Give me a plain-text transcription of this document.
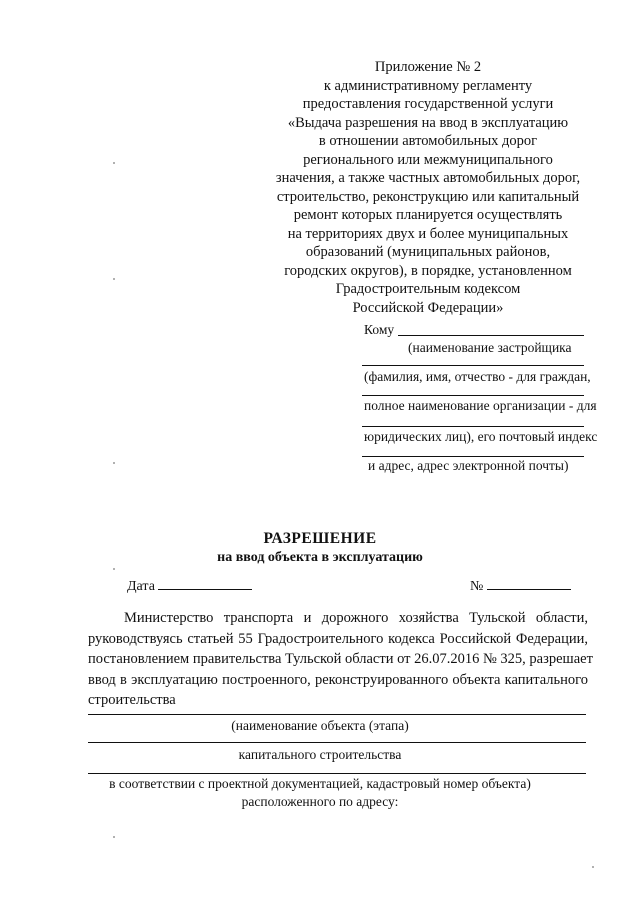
Приложение № 2
к административному регламенту
предоставления государственной услуги
«Выдача разрешения на ввод в эксплуатацию
в отношении автомобильных дорог
регионального или межмуниципального
значения, а также частных автомобильных дорог,
строительство, реконструкцию или капитальный
ремонт которых планируется осуществлять
на территориях двух и более муниципальных
образований (муниципальных районов,
городских округов), в порядке, установленном
Градостроительным кодексом
Российской Федерации»
Кому
(наименование застройщика
(фамилия, имя, отчество - для граждан,
полное наименование организации - для
юридических лиц), его почтовый индекс
и адрес, адрес электронной почты)
РАЗРЕШЕНИЕ
на ввод объекта в эксплуатацию
Дата	№
Министерство транспорта и дорожного хозяйства Тульской области,
руководствуясь статьей 55 Градостроительного кодекса Российской Федерации,
постановлением правительства Тульской области от 26.07.2016 № 325, разрешает
ввод в эксплуатацию построенного, реконструированного объекта капитального
строительства
(наименование объекта (этапа)
капитального строительства
в соответствии с проектной документацией, кадастровый номер объекта)
расположенного по адресу:
